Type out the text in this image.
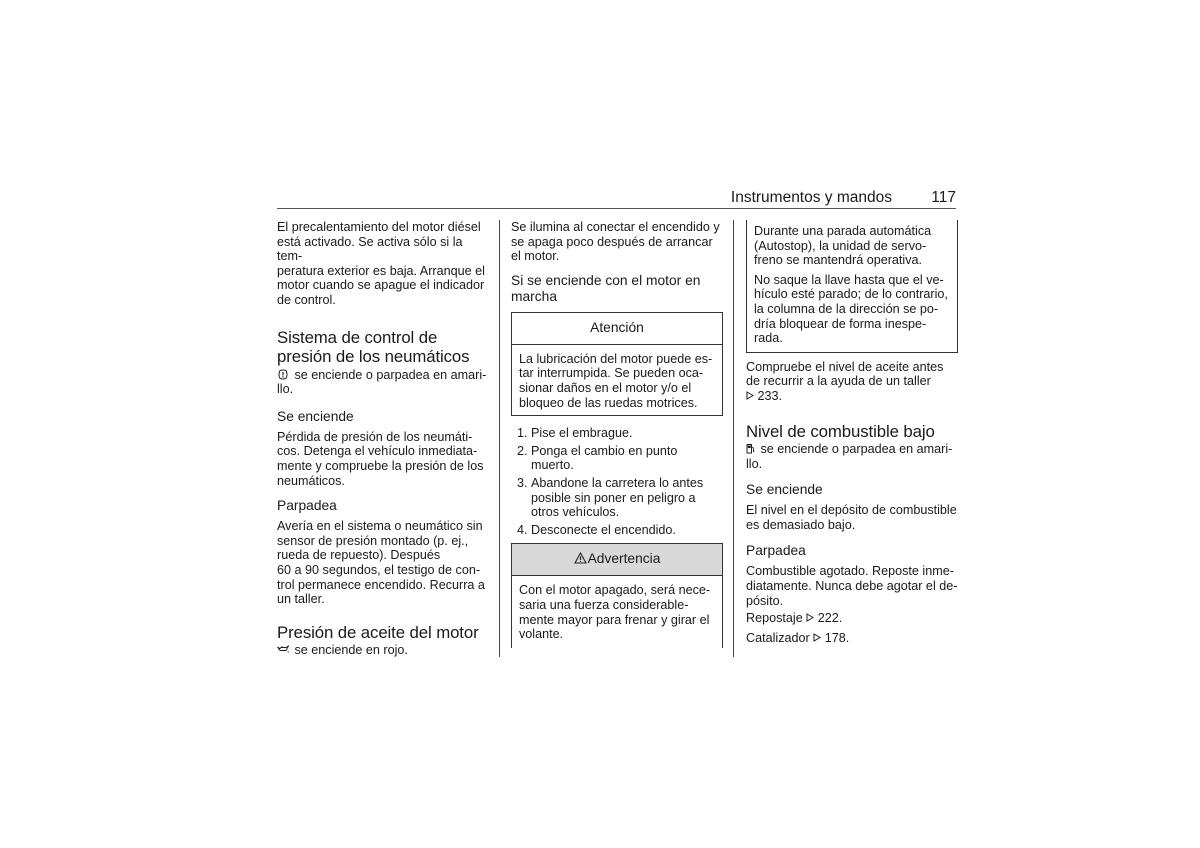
Instrumentos y mandos	117

El precalentamiento del motor diésel
está activado. Se activa sólo si la tem-
peratura exterior es baja. Arranque el
motor cuando se apague el indicador
de control.

Sistema de control de
presión de los neumáticos

se enciende o parpadea en amari-
llo.

Se enciende

Pérdida de presión de los neumáti-
cos. Detenga el vehículo inmediata-
mente y compruebe la presión de los
neumáticos.

Parpadea

Avería en el sistema o neumático sin
sensor de presión montado (p. ej.,
rueda de repuesto). Después
60 a 90 segundos, el testigo de con-
trol permanece encendido. Recurra a
un taller.

Presión de aceite del motor

se enciende en rojo.

Se ilumina al conectar el encendido y
se apaga poco después de arrancar
el motor.

Si se enciende con el motor en
marcha
Atención
La lubricación del motor puede es-
tar interrumpida. Se pueden oca-
sionar daños en el motor y/o el
bloqueo de las ruedas motrices.
1. Pise el embrague.
2. Ponga el cambio en punto
muerto.
3. Abandone la carretera lo antes
posible sin poner en peligro a
otros vehículos.
4. Desconecte el encendido.
Advertencia
Con el motor apagado, será nece-
saria una fuerza considerable-
mente mayor para frenar y girar el
volante.

Durante una parada automática
(Autostop), la unidad de servo-
freno se mantendrá operativa.

No saque la llave hasta que el ve-
hículo esté parado; de lo contrario,
la columna de la dirección se po-
dría bloquear de forma inespe-
rada.

Compruebe el nivel de aceite antes
de recurrir a la ayuda de un taller

233.

Nivel de combustible bajo

se enciende o parpadea en amari-
llo.

Se enciende

El nivel en el depósito de combustible
es demasiado bajo.

Parpadea

Combustible agotado. Reposte inme-
diatamente. Nunca debe agotar el de-
pósito.

Repostaje
222.

Catalizador
178.
